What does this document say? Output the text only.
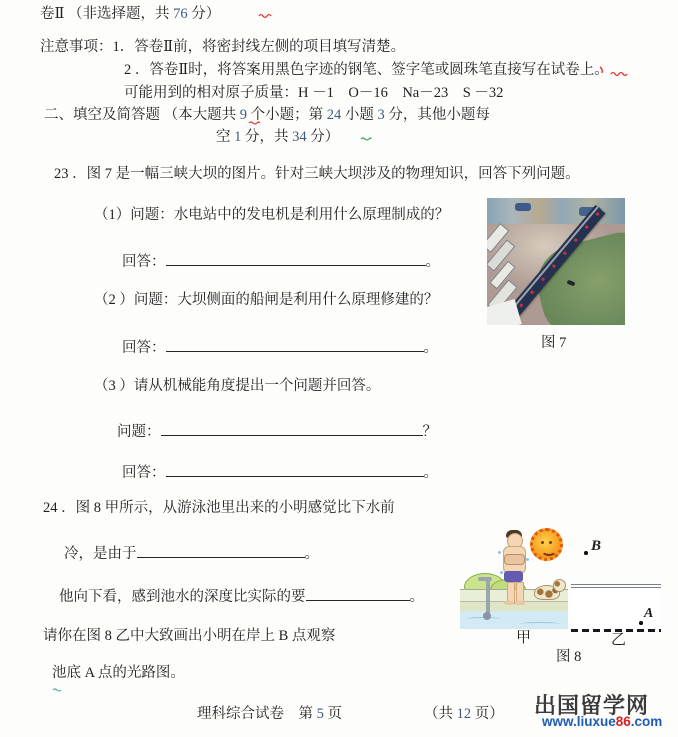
卷Ⅱ （非选择题，共 76 分）
注意事项：1．答卷Ⅱ前，将密封线左侧的项目填写清楚。
2 ．答卷Ⅱ时，将答案用黑色字迹的钢笔、签字笔或圆珠笔直接写在试卷上。
可能用到的相对原子质量：H －1　O－16　Na－23　S －32
二、填空及简答题 （本大题共 9 个小题；第 24 小题 3 分，其他小题每
空 1 分，共 34 分）
23 ．图 7 是一幅三峡大坝的图片。针对三峡大坝涉及的物理知识，回答下列问题。
（1）问题：水电站中的发电机是利用什么原理制成的？
回答：	。
（2 ）问题：大坝侧面的船闸是利用什么原理修建的？
回答：	。
（3 ）请从机械能角度提出一个问题并回答。
问题：	？
回答：	。
图 7
24 ．图 8 甲所示，从游泳池里出来的小明感觉比下水前
冷，是由于	。
他向下看，感到池水的深度比实际的要	。
请你在图 8 乙中大致画出小明在岸上 B 点观察
池底 A 点的光路图。
B
A
甲	乙
图 8
理科综合试卷　第 5 页	（共 12 页） 出国留学网
www.liuxue86.com
